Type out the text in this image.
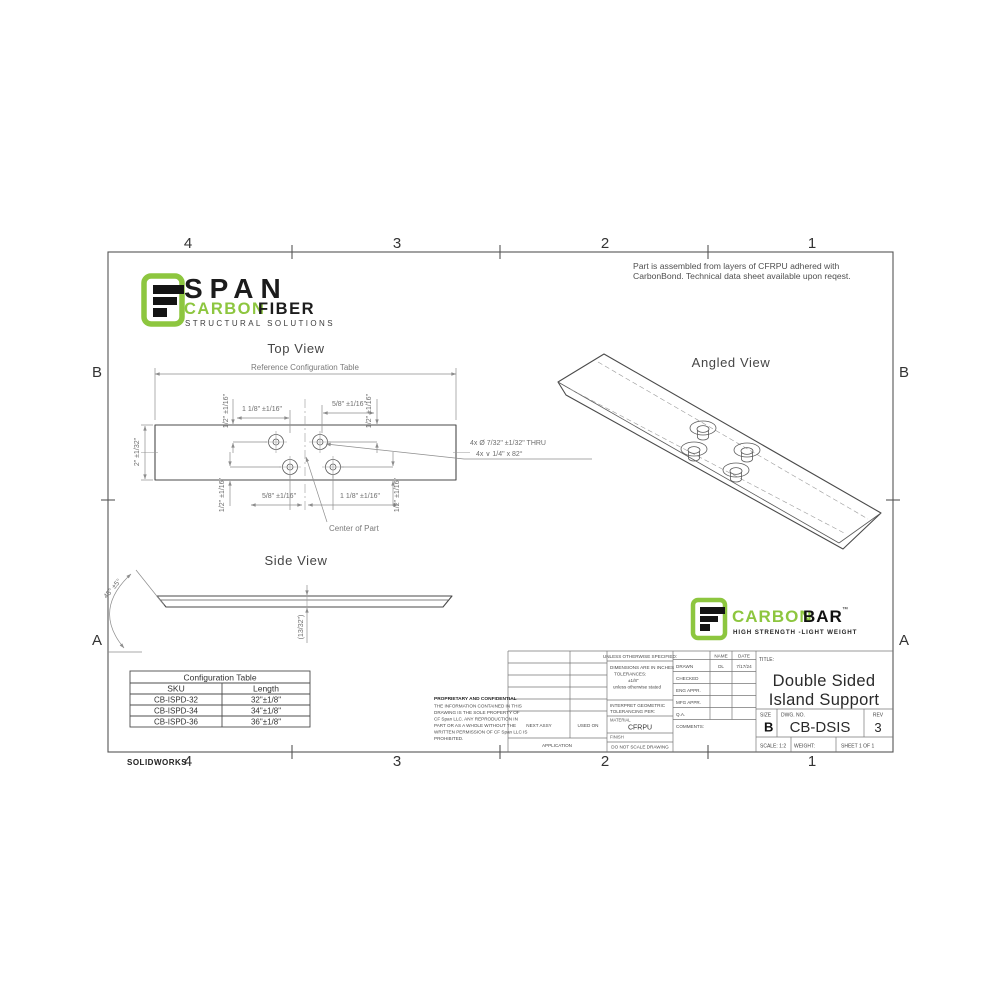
4	3	2	1
4	3	2	1
B
A
B
A
SOLIDWORKS
SPAN
CARBON
FIBER
STRUCTURAL SOLUTIONS
Part is assembled from layers of CFRPU adhered with
CarbonBond. Technical data sheet available upon reqest.
Top View
Reference Configuration Table
2" ±1/32"
1/2" ±1/16" 1 1/8" ±1/16"
5/8" ±1/16" 1/2" ±1/16"
1/2" ±1/16"	5/8" ±1/16"	1 1/8" ±1/16" 1/2" ±1/16"
4x Ø 7/32" ±1/32" THRU
4x ∨ 1/4" x 82°
Center of Part
Side View
45° ±5°
(13/32")
Angled View
Configuration Table
SKU	Length
CB-ISPD-32	32"±1/8"
CB-ISPD-34	34"±1/8"
CB-ISPD-36	36"±1/8"
CARBON
BAR ™
HIGH STRENGTH -LIGHT WEIGHT
PROPRIETARY AND CONFIDENTIAL
THE INFORMATION CONTAINED IN THIS
DRAWING IS THE SOLE PROPERTY OF
CF Span LLC. ANY REPRODUCTION IN
PART OR AS A WHOLE WITHOUT THE
WRITTEN PERMISSION OF CF Span LLC IS
PROHIBITED.
NEXT ASSY	USED ON
APPLICATION
UNLESS OTHERWISE SPECIFIED:
DIMENSIONS ARE IN INCHES
TOLERANCES:
±1/8"
unless otherwise stated
INTERPRET GEOMETRIC
TOLERANCING PER:
MATERIAL
CFRPU
FINISH
DO NOT SCALE DRAWING
NAME DATE
DRAWN	DL	7/17/24
CHECKED
ENG APPR.
MFG APPR.
Q.A.
COMMENTS:
TITLE:
Double Sided
Island Support
SIZE
B
DWG. NO.
CB-DSIS
REV
3
SCALE: 1:2 WEIGHT:	SHEET 1 OF 1
